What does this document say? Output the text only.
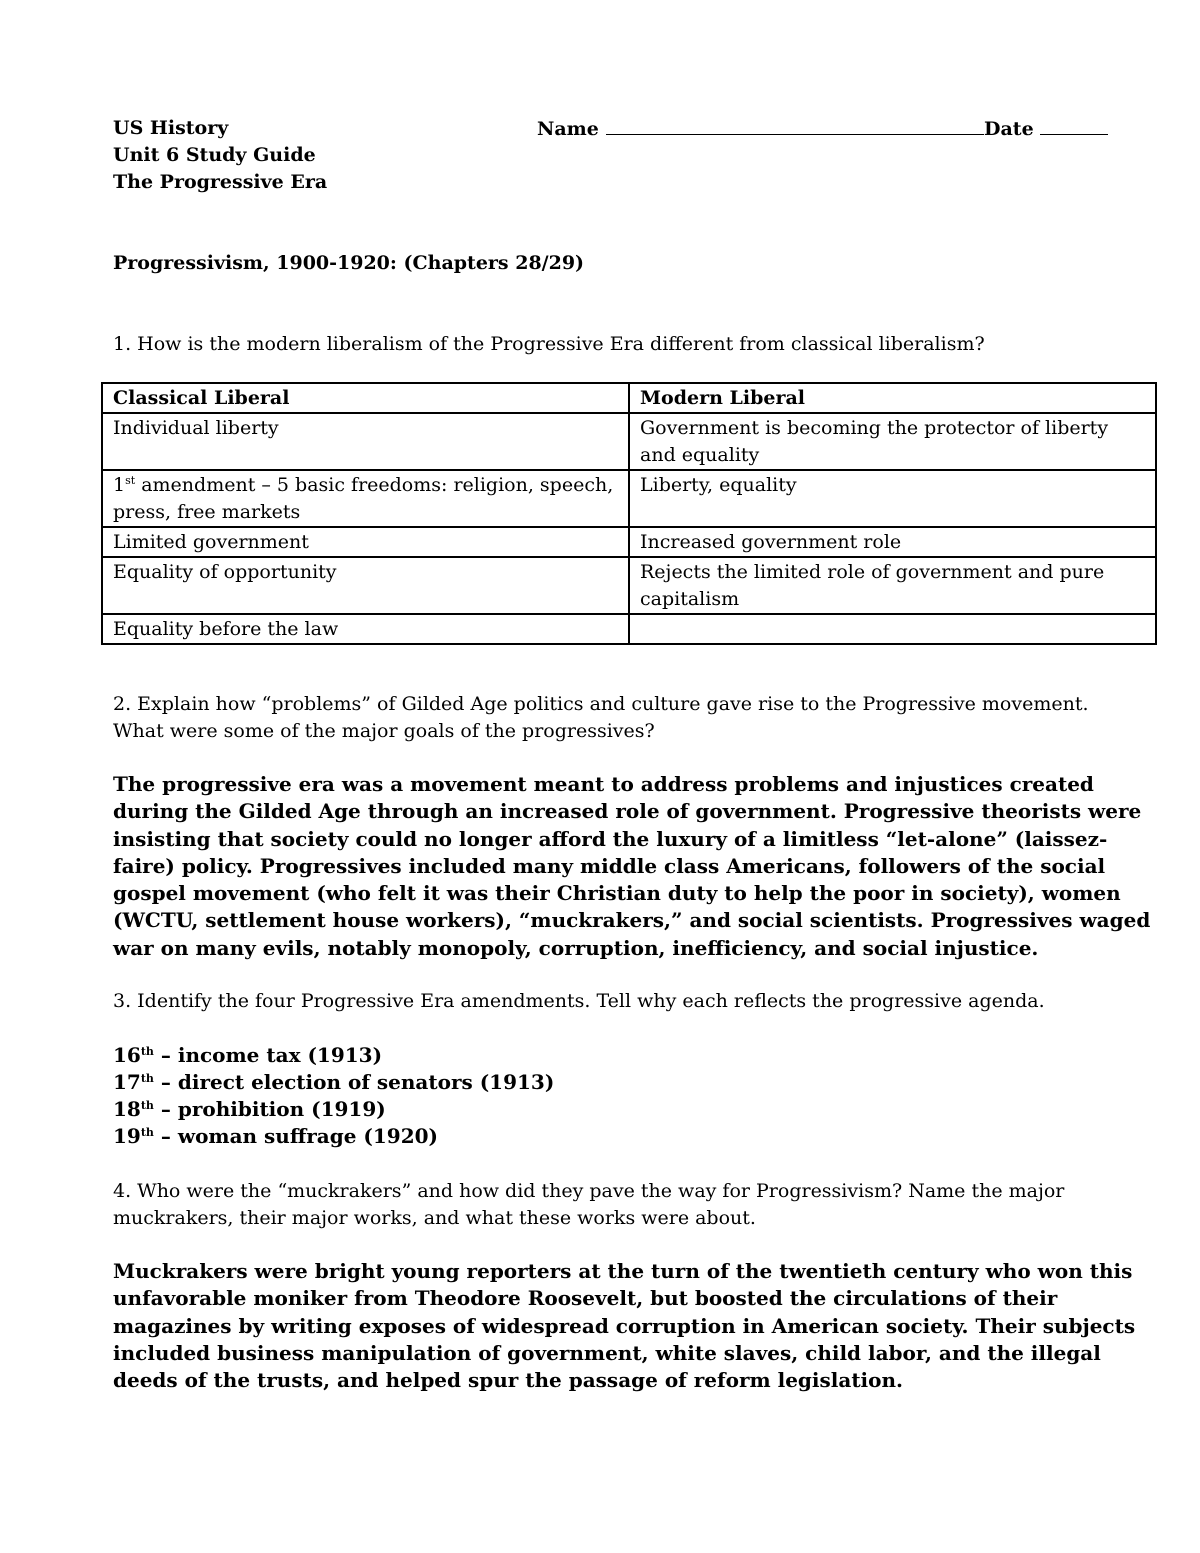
US History
Unit 6 Study Guide
The Progressive Era
Name	Date
Progressivism, 1900-1920: (Chapters 28/29)
1. How is the modern liberalism of the Progressive Era different from classical liberalism?
Classical Liberal	Modern Liberal
Individual liberty	Government is becoming the protector of liberty and equality
1st amendment – 5 basic freedoms: religion, speech, press, free markets	Liberty, equality
Limited government	Increased government role
Equality of opportunity	Rejects the limited role of government and pure capitalism
Equality before the law	
2. Explain how “problems” of Gilded Age politics and culture gave rise to the Progressive movement.
What were some of the major goals of the progressives?
The progressive era was a movement meant to address problems and injustices created during the Gilded Age through an increased role of government. Progressive theorists were insisting that society could no longer afford the luxury of a limitless “let-alone” (laissez-faire) policy. Progressives included many middle class Americans, followers of the social gospel movement (who felt it was their Christian duty to help the poor in society), women (WCTU, settlement house workers), “muckrakers,” and social scientists. Progressives waged war on many evils, notably monopoly, corruption, inefficiency, and social injustice.
3. Identify the four Progressive Era amendments. Tell why each reflects the progressive agenda.
16th – income tax (1913)
17th – direct election of senators (1913)
18th – prohibition (1919)
19th – woman suffrage (1920)
4. Who were the “muckrakers” and how did they pave the way for Progressivism? Name the major
muckrakers, their major works, and what these works were about.
Muckrakers were bright young reporters at the turn of the twentieth century who won this unfavorable moniker from Theodore Roosevelt, but boosted the circulations of their magazines by writing exposes of widespread corruption in American society. Their subjects included business manipulation of government, white slaves, child labor, and the illegal deeds of the trusts, and helped spur the passage of reform legislation.
